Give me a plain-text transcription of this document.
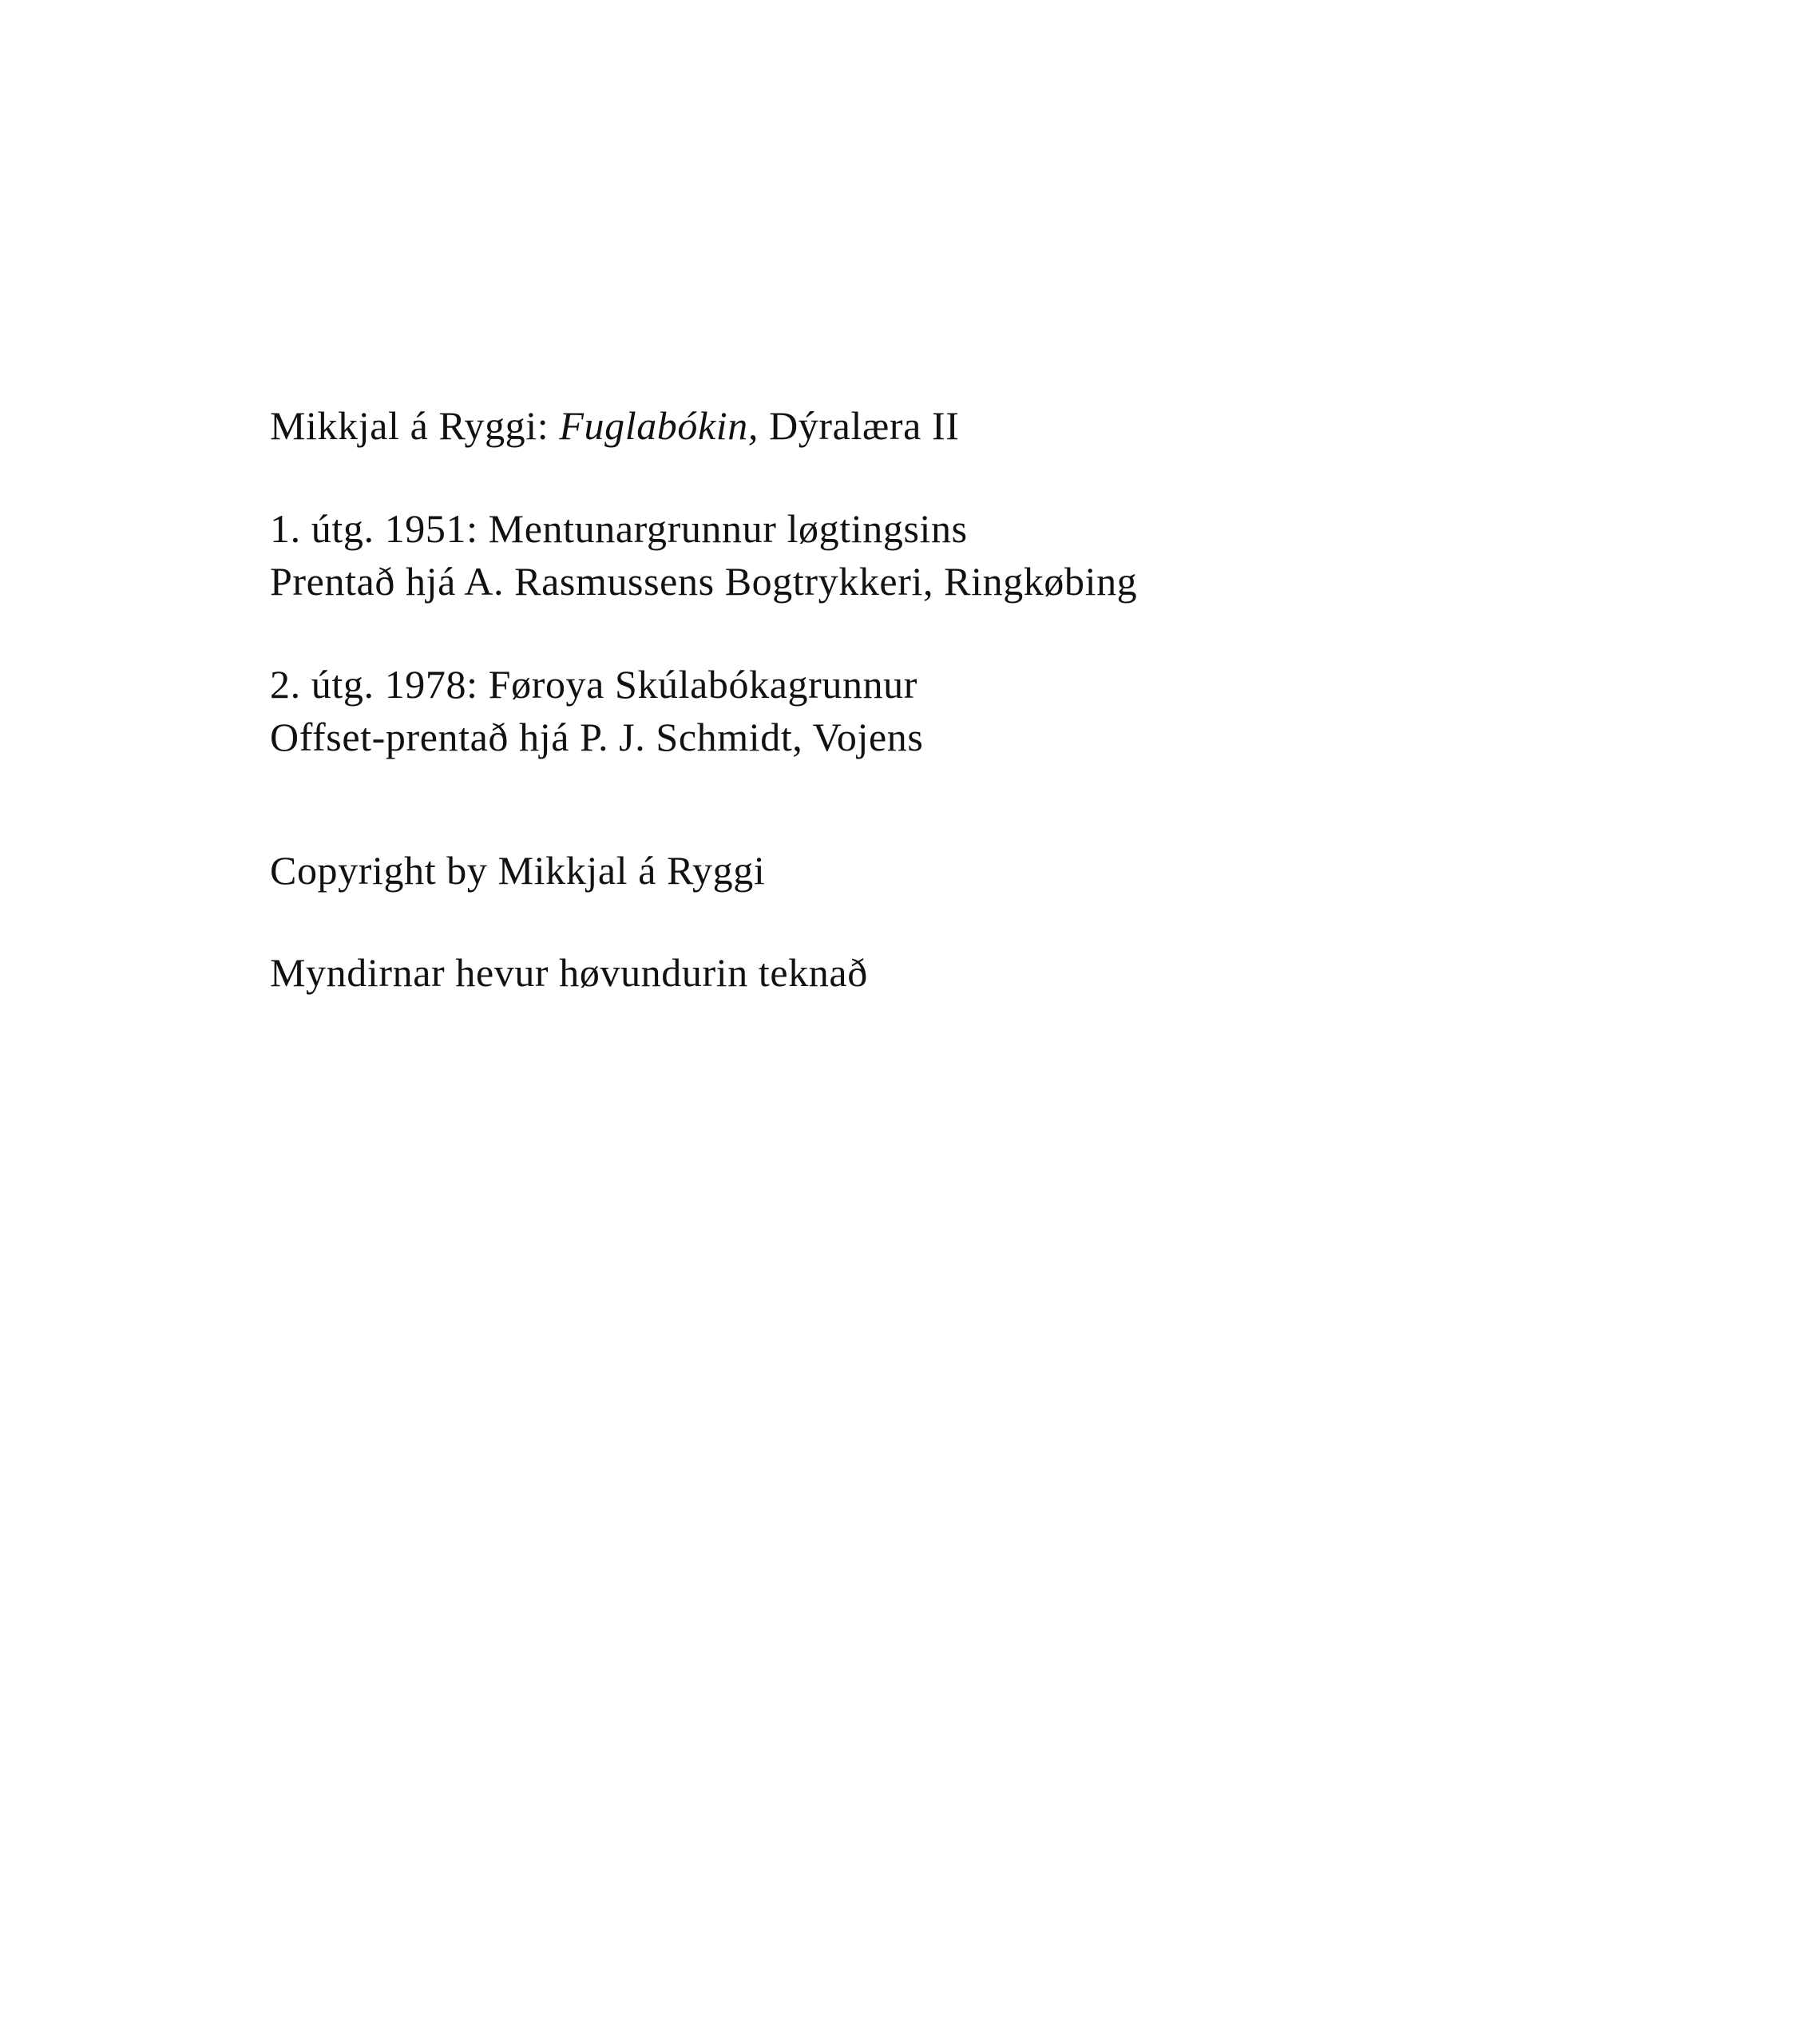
Mikkjal á Ryggi: Fuglabókin, Dýralæra II
1. útg. 1951: Mentunargrunnur løgtingsins
Prentað hjá A. Rasmussens Bogtrykkeri, Ringkøbing
2. útg. 1978: Føroya Skúlabókagrunnur
Offset-prentað hjá P. J. Schmidt, Vojens
Copyright by Mikkjal á Ryggi
Myndirnar hevur høvundurin teknað
